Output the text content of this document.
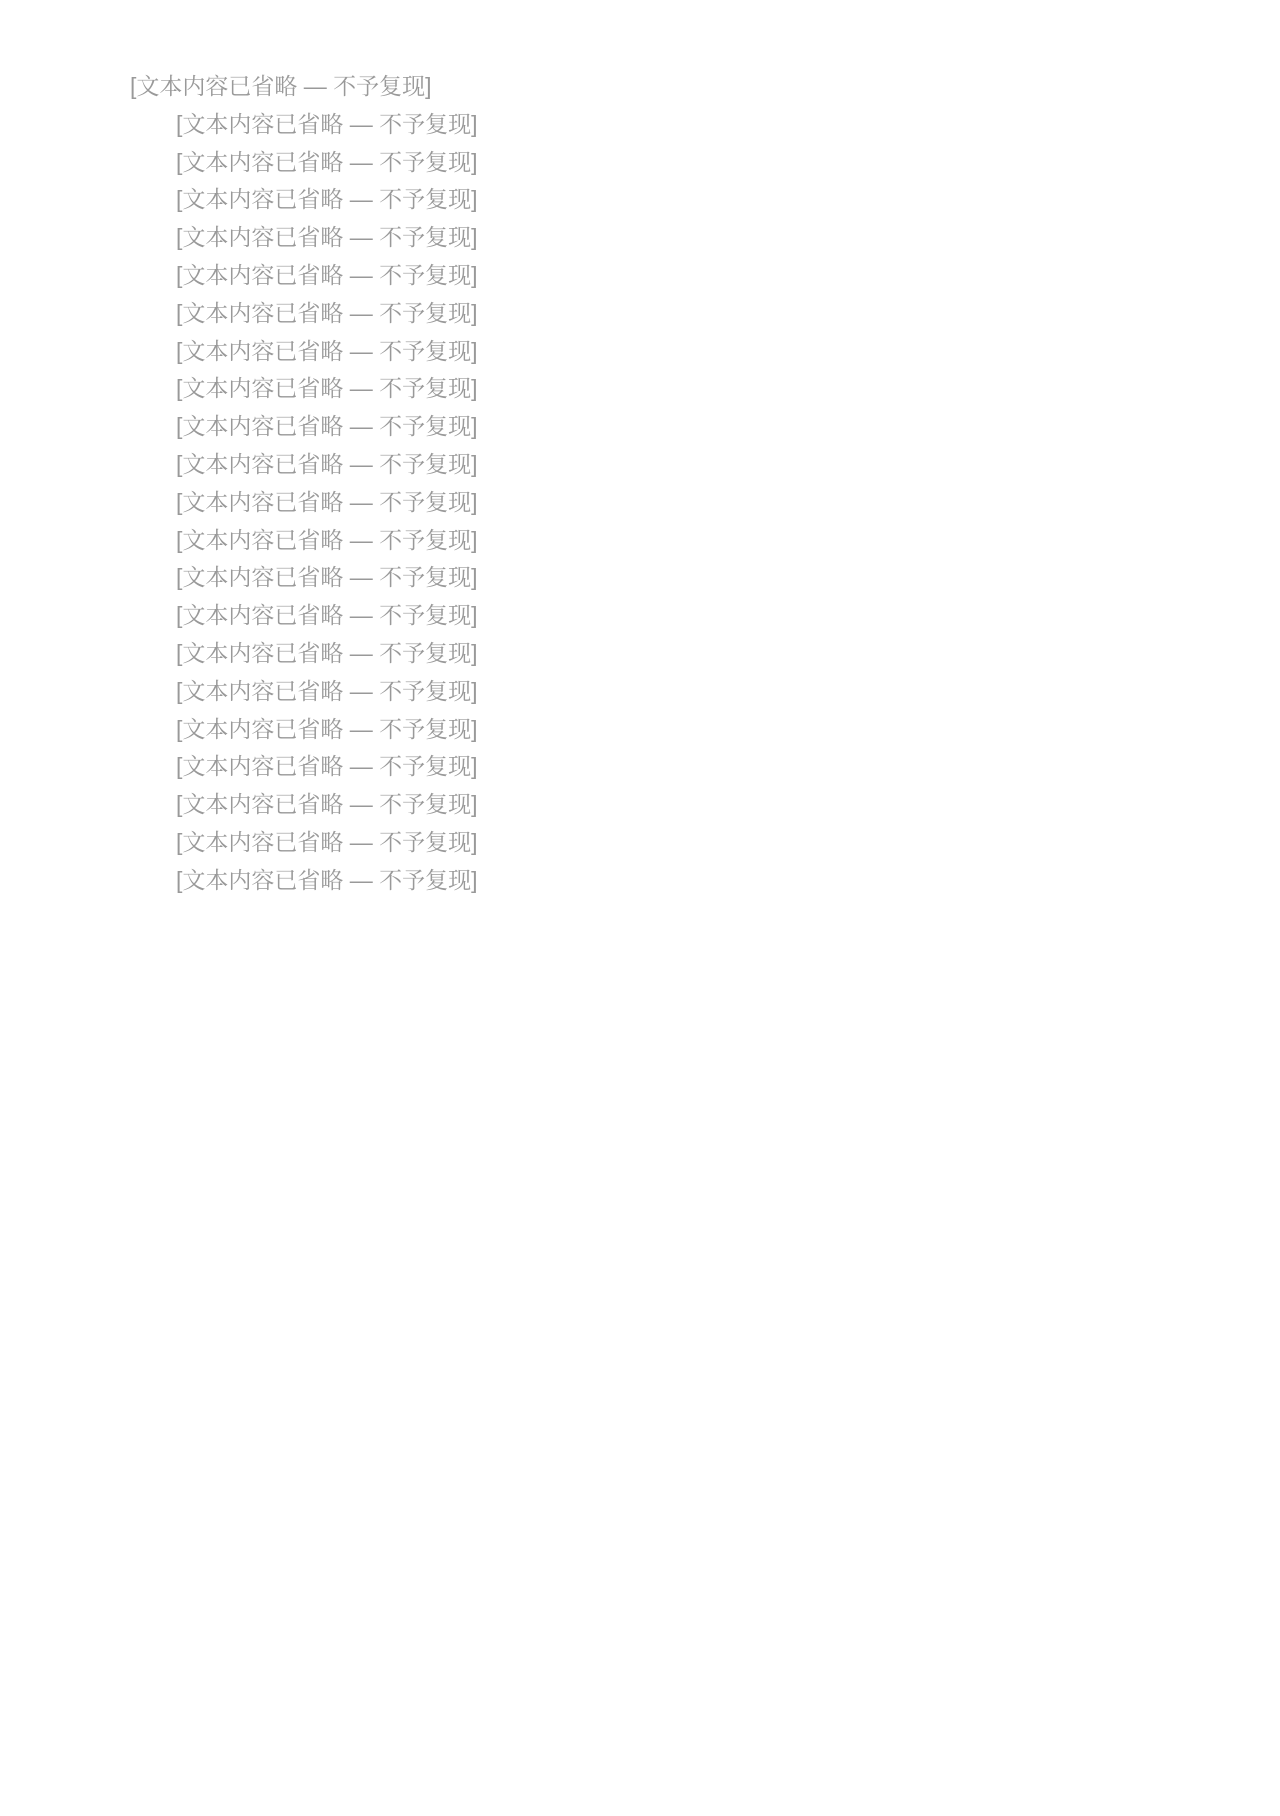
[文本内容已省略 — 不予复现]

[文本内容已省略 — 不予复现]

[文本内容已省略 — 不予复现]

[文本内容已省略 — 不予复现]

[文本内容已省略 — 不予复现]

[文本内容已省略 — 不予复现]

[文本内容已省略 — 不予复现]

[文本内容已省略 — 不予复现]

[文本内容已省略 — 不予复现]

[文本内容已省略 — 不予复现]

[文本内容已省略 — 不予复现]

[文本内容已省略 — 不予复现]

[文本内容已省略 — 不予复现]

[文本内容已省略 — 不予复现]

[文本内容已省略 — 不予复现]

[文本内容已省略 — 不予复现]

[文本内容已省略 — 不予复现]

[文本内容已省略 — 不予复现]

[文本内容已省略 — 不予复现]

[文本内容已省略 — 不予复现]

[文本内容已省略 — 不予复现]

[文本内容已省略 — 不予复现]
